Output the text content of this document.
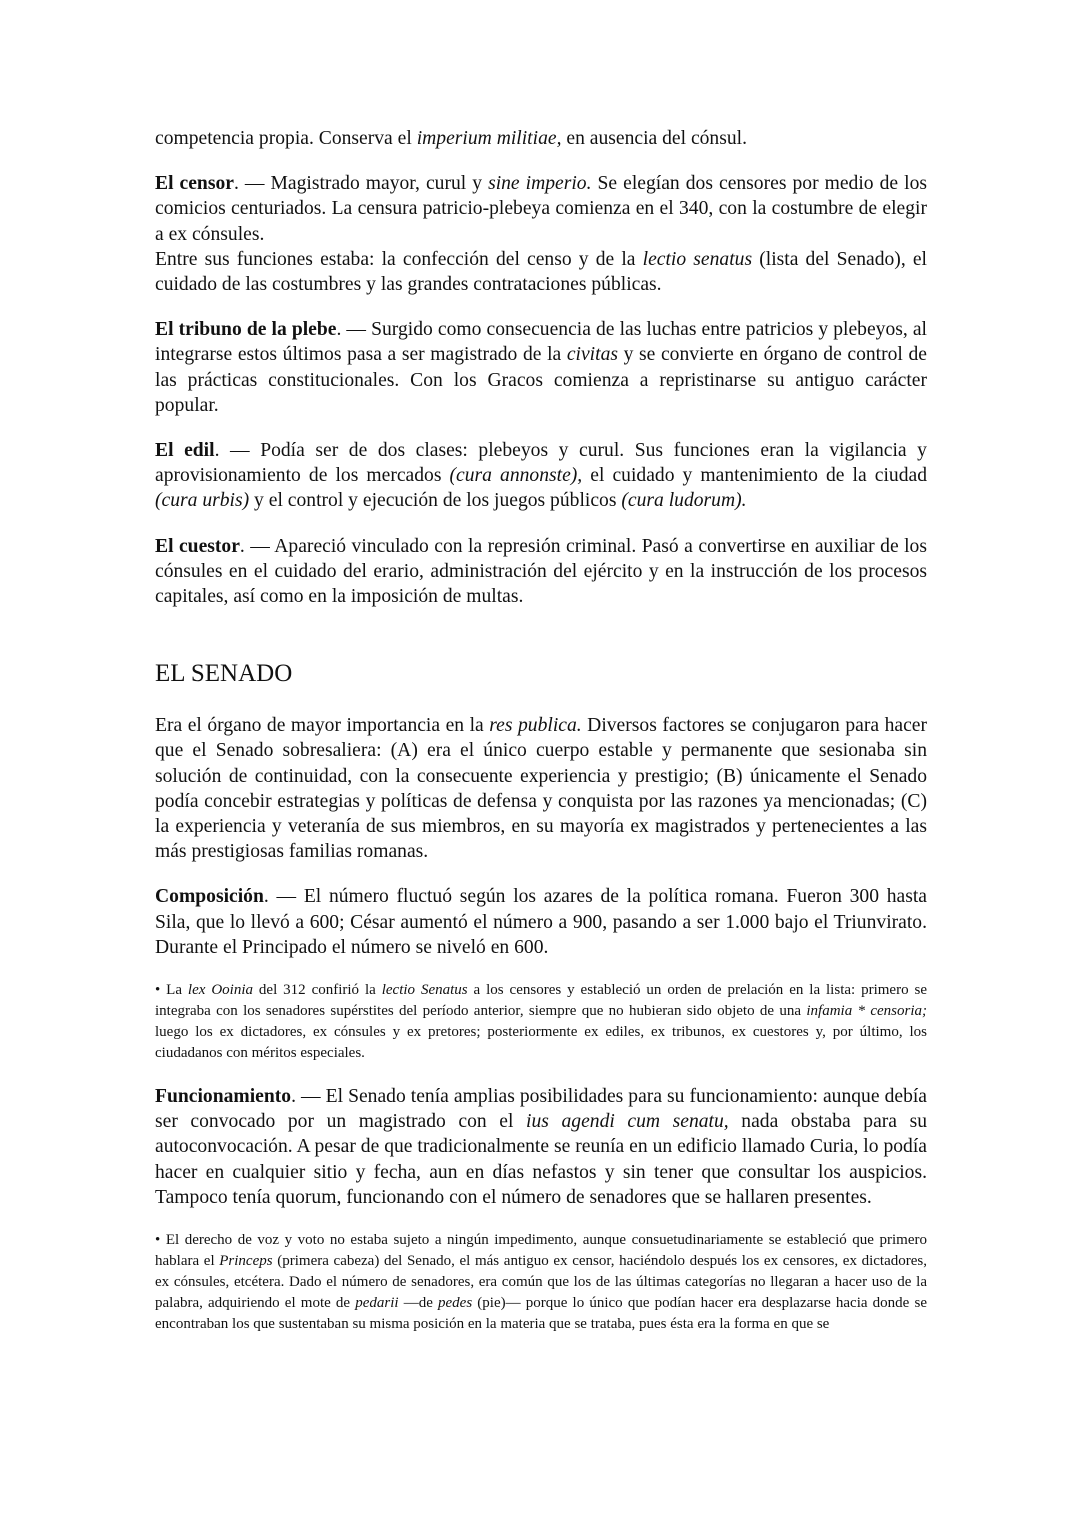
competencia propia. Conserva el imperium militiae, en ausencia del cónsul.

El censor. — Magistrado mayor, curul y sine imperio. Se elegían dos censores por medio de los comicios centuriados. La censura patricio-plebeya comienza en el 340, con la costumbre de elegir a ex cónsules.

Entre sus funciones estaba: la confección del censo y de la lectio senatus (lista del Senado), el cuidado de las costumbres y las grandes contrataciones públicas.

El tribuno de la plebe. — Surgido como consecuencia de las luchas entre patricios y plebeyos, al integrarse estos últimos pasa a ser magistrado de la civitas y se convierte en órgano de control de las prácticas constitucionales. Con los Gracos comienza a repristinarse su antiguo carácter popular.

El edil. — Podía ser de dos clases: plebeyos y curul. Sus funciones eran la vigilancia y aprovisionamiento de los mercados (cura annonste), el cuidado y mantenimiento de la ciudad (cura urbis) y el control y ejecución de los juegos públicos (cura ludorum).

El cuestor. — Apareció vinculado con la represión criminal. Pasó a convertirse en auxiliar de los cónsules en el cuidado del erario, administración del ejército y en la instrucción de los procesos capitales, así como en la imposición de multas.

EL SENADO

Era el órgano de mayor importancia en la res publica. Diversos factores se conjugaron para hacer que el Senado sobresaliera: (A) era el único cuerpo estable y permanente que sesionaba sin solución de continuidad, con la consecuente experiencia y prestigio; (B) únicamente el Senado podía concebir estrategias y políticas de defensa y conquista por las razones ya mencionadas; (C) la experiencia y veteranía de sus miembros, en su mayoría ex magistrados y pertenecientes a las más prestigiosas familias romanas.

Composición. — El número fluctuó según los azares de la política romana. Fueron 300 hasta Sila, que lo llevó a 600; César aumentó el número a 900, pasando a ser 1.000 bajo el Triunvirato. Durante el Principado el número se niveló en 600.

• La lex Ooinia del 312 confirió la lectio Senatus a los censores y estableció un orden de prelación en la lista: primero se integraba con los senadores supérstites del período anterior, siempre que no hubieran sido objeto de una infamia * censoria; luego los ex dictadores, ex cónsules y ex pretores; posteriormente ex ediles, ex tribunos, ex cuestores y, por último, los ciudadanos con méritos especiales.

Funcionamiento. — El Senado tenía amplias posibilidades para su funcionamiento: aunque debía ser convocado por un magistrado con el ius agendi cum senatu, nada obstaba para su autoconvocación. A pesar de que tradicionalmente se reunía en un edificio llamado Curia, lo podía hacer en cualquier sitio y fecha, aun en días nefastos y sin tener que consultar los auspicios. Tampoco tenía quorum, funcionando con el número de senadores que se hallaren presentes.

• El derecho de voz y voto no estaba sujeto a ningún impedimento, aunque consuetudinariamente se estableció que primero hablara el Princeps (primera cabeza) del Senado, el más antiguo ex censor, haciéndolo después los ex censores, ex dictadores, ex cónsules, etcétera. Dado el número de senadores, era común que los de las últimas categorías no llegaran a hacer uso de la palabra, adquiriendo el mote de pedarii —de pedes (pie)— porque lo único que podían hacer era desplazarse hacia donde se encontraban los que sustentaban su misma posición en la materia que se trataba, pues ésta era la forma en que se
